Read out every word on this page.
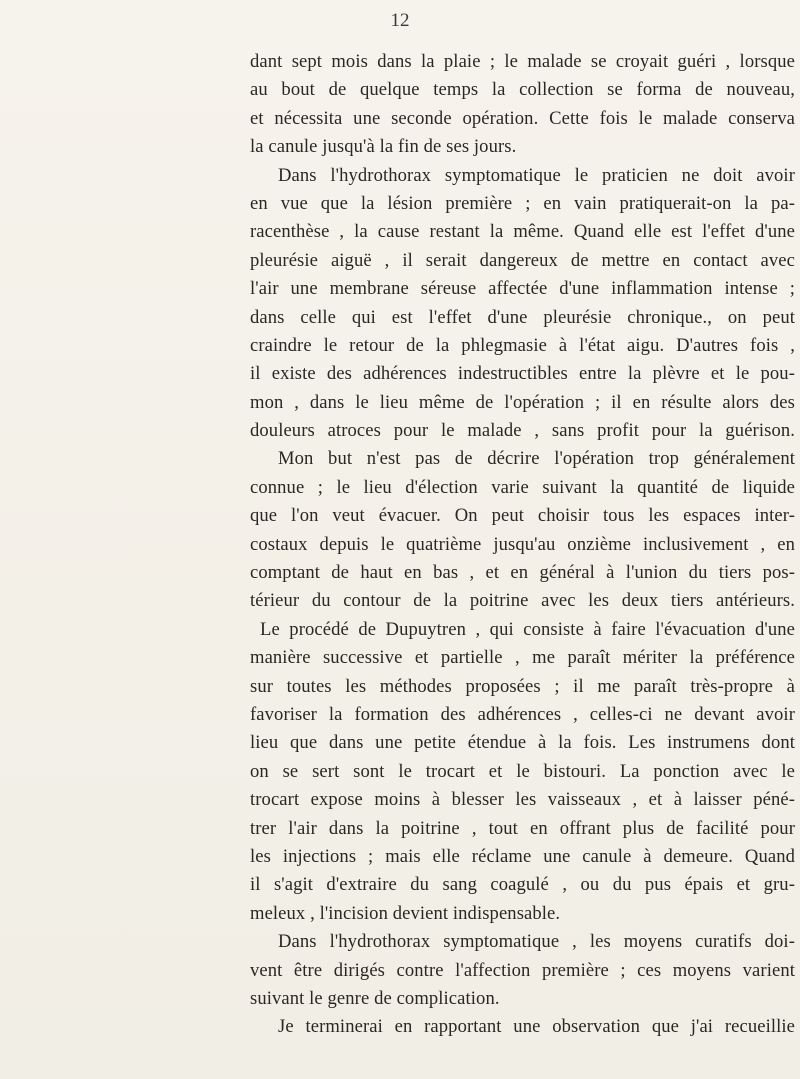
12
dant sept mois dans la plaie ; le malade se croyait guéri , lorsque
au bout de quelque temps la collection se forma de nouveau,
et nécessita une seconde opération. Cette fois le malade conserva
la canule jusqu'à la fin de ses jours.
Dans l'hydrothorax symptomatique le praticien ne doit avoir
en vue que la lésion première ; en vain pratiquerait-on la pa-
racenthèse , la cause restant la même. Quand elle est l'effet d'une
pleurésie aiguë , il serait dangereux de mettre en contact avec
l'air une membrane séreuse affectée d'une inflammation intense ;
dans celle qui est l'effet d'une pleurésie chronique., on peut
craindre le retour de la phlegmasie à l'état aigu. D'autres fois ,
il existe des adhérences indestructibles entre la plèvre et le pou-
mon , dans le lieu même de l'opération ; il en résulte alors des
douleurs atroces pour le malade , sans profit pour la guérison.
Mon but n'est pas de décrire l'opération trop généralement
connue ; le lieu d'élection varie suivant la quantité de liquide
que l'on veut évacuer. On peut choisir tous les espaces inter-
costaux depuis le quatrième jusqu'au onzième inclusivement , en
comptant de haut en bas , et en général à l'union du tiers pos-
térieur du contour de la poitrine avec les deux tiers antérieurs.
Le procédé de Dupuytren , qui consiste à faire l'évacuation d'une
manière successive et partielle , me paraît mériter la préférence
sur toutes les méthodes proposées ; il me paraît très-propre à
favoriser la formation des adhérences , celles-ci ne devant avoir
lieu que dans une petite étendue à la fois. Les instrumens dont
on se sert sont le trocart et le bistouri. La ponction avec le
trocart expose moins à blesser les vaisseaux , et à laisser péné-
trer l'air dans la poitrine , tout en offrant plus de facilité pour
les injections ; mais elle réclame une canule à demeure. Quand
il s'agit d'extraire du sang coagulé , ou du pus épais et gru-
meleux , l'incision devient indispensable.
Dans l'hydrothorax symptomatique , les moyens curatifs doi-
vent être dirigés contre l'affection première ; ces moyens varient
suivant le genre de complication.
Je terminerai en rapportant une observation que j'ai recueillie
